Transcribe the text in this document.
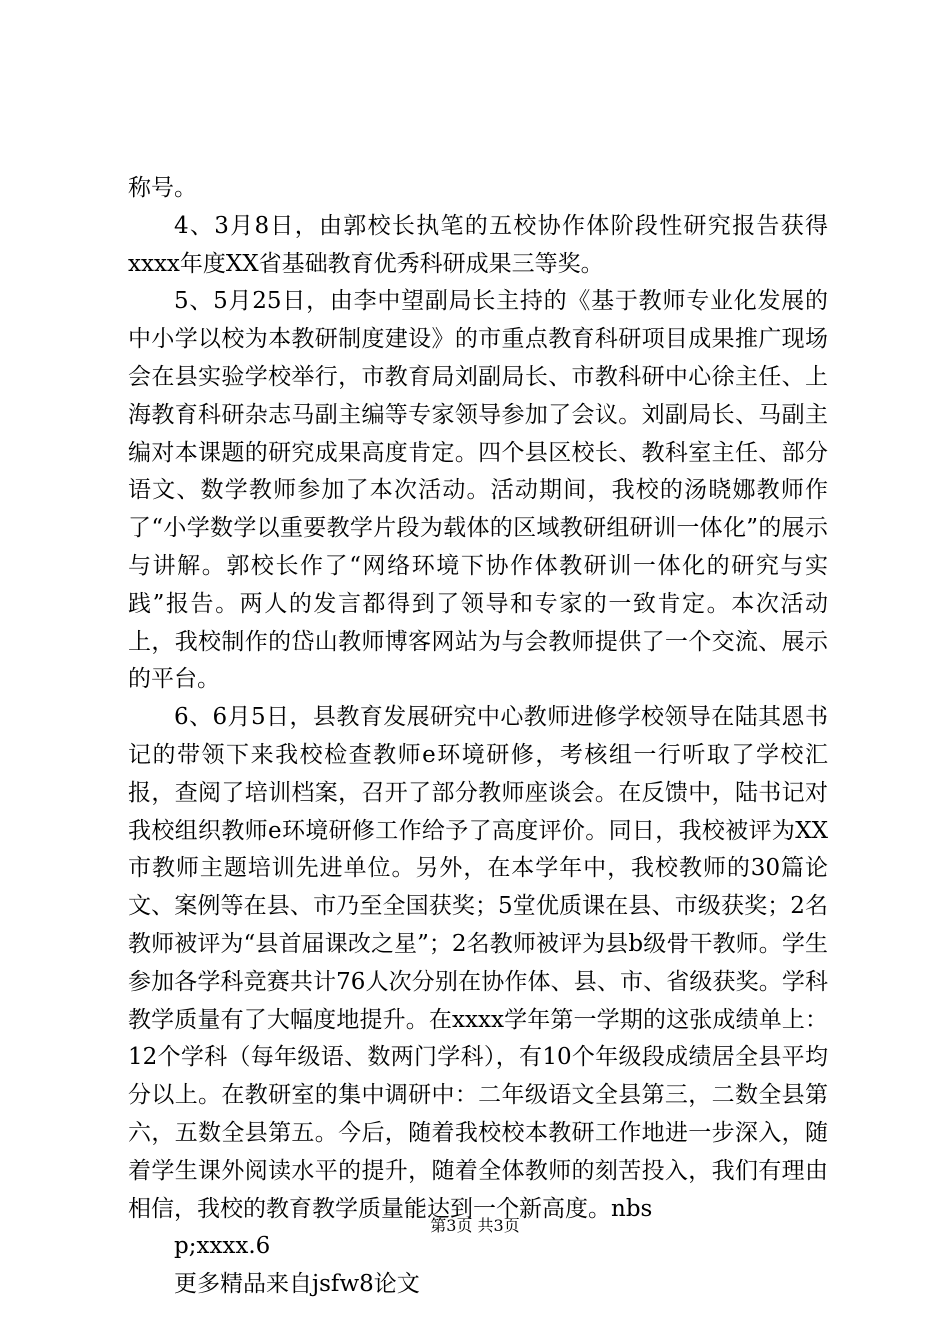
称号。

4、3月8日，由郭校长执笔的五校协作体阶段性研究报告获得xxxx年度XX省基础教育优秀科研成果三等奖。

5、5月25日，由李中望副局长主持的《基于教师专业化发展的中小学以校为本教研制度建设》的市重点教育科研项目成果推广现场会在县实验学校举行，市教育局刘副局长、市教科研中心徐主任、上海教育科研杂志马副主编等专家领导参加了会议。刘副局长、马副主编对本课题的研究成果高度肯定。四个县区校长、教科室主任、部分语文、数学教师参加了本次活动。活动期间，我校的汤晓娜教师作了“小学数学以重要教学片段为载体的区域教研组研训一体化”的展示与讲解。郭校长作了“网络环境下协作体教研训一体化的研究与实践”报告。两人的发言都得到了领导和专家的一致肯定。本次活动上，我校制作的岱山教师博客网站为与会教师提供了一个交流、展示的平台。

6、6月5日，县教育发展研究中心教师进修学校领导在陆其恩书记的带领下来我校检查教师e环境研修，考核组一行听取了学校汇报，查阅了培训档案，召开了部分教师座谈会。在反馈中，陆书记对我校组织教师e环境研修工作给予了高度评价。同日，我校被评为XX市教师主题培训先进单位。另外，在本学年中，我校教师的30篇论文、案例等在县、市乃至全国获奖；5堂优质课在县、市级获奖；2名教师被评为“县首届课改之星”；2名教师被评为县b级骨干教师。学生参加各学科竞赛共计76人次分别在协作体、县、市、省级获奖。学科教学质量有了大幅度地提升。在xxxx学年第一学期的这张成绩单上：12个学科（每年级语、数两门学科），有10个年级段成绩居全县平均分以上。在教研室的集中调研中：二年级语文全县第三，二数全县第六，五数全县第五。今后，随着我校校本教研工作地进一步深入，随着学生课外阅读水平的提升，随着全体教师的刻苦投入，我们有理由相信，我校的教育教学质量能达到一个新高度。nbs

p;xxxx.6

更多精品来自jsfw8论文

第3页 共3页
